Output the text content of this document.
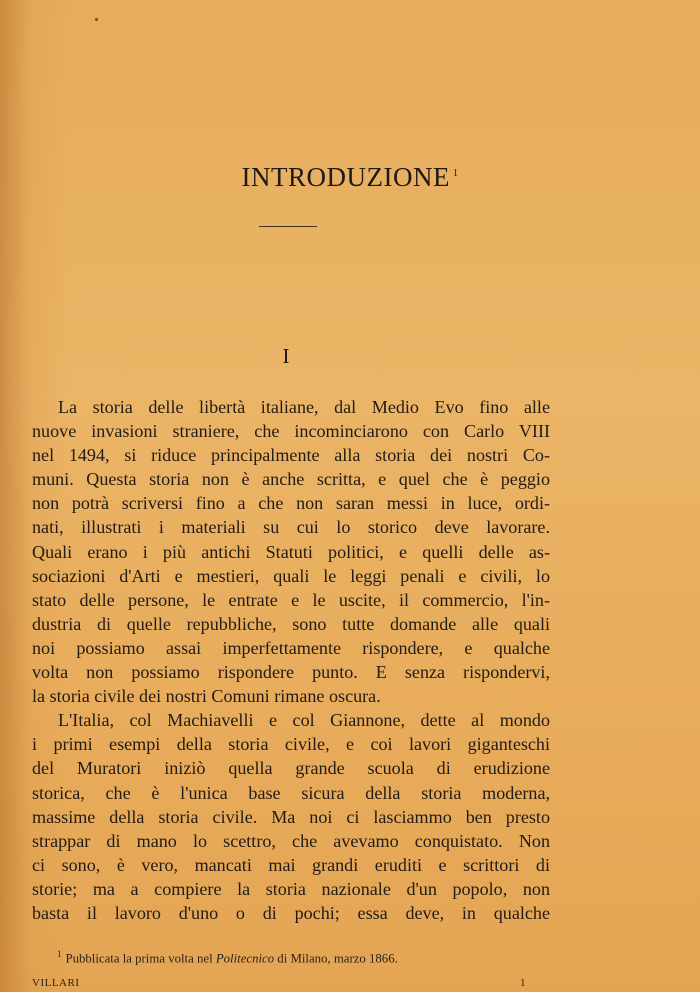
INTRODUZIONE $^1$
I
La storia delle libertà italiane, dal Medio Evo fino alle
nuove invasioni straniere, che incominciarono con Carlo VIII
nel 1494, si riduce principalmente alla storia dei nostri Co-
muni. Questa storia non è anche scritta, e quel che è peggio
non potrà scriversi fino a che non saran messi in luce, ordi-
nati, illustrati i materiali su cui lo storico deve lavorare.
Quali erano i più antichi Statuti politici, e quelli delle as-
sociazioni d'Arti e mestieri, quali le leggi penali e civili, lo
stato delle persone, le entrate e le uscite, il commercio, l'in-
dustria di quelle repubbliche, sono tutte domande alle quali
noi possiamo assai imperfettamente rispondere, e qualche
volta non possiamo rispondere punto. E senza rispondervi,
la storia civile dei nostri Comuni rimane oscura.
L'Italia, col Machiavelli e col Giannone, dette al mondo
i primi esempi della storia civile, e coi lavori giganteschi
del Muratori iniziò quella grande scuola di erudizione
storica, che è l'unica base sicura della storia moderna,
massime della storia civile. Ma noi ci lasciammo ben presto
strappar di mano lo scettro, che avevamo conquistato. Non
ci sono, è vero, mancati mai grandi eruditi e scrittori di
storie; ma a compiere la storia nazionale d'un popolo, non
basta il lavoro d'uno o di pochi; essa deve, in qualche
$^1$ Pubblicata la prima volta nel Politecnico di Milano, marzo 1866.
VILLARI	1
